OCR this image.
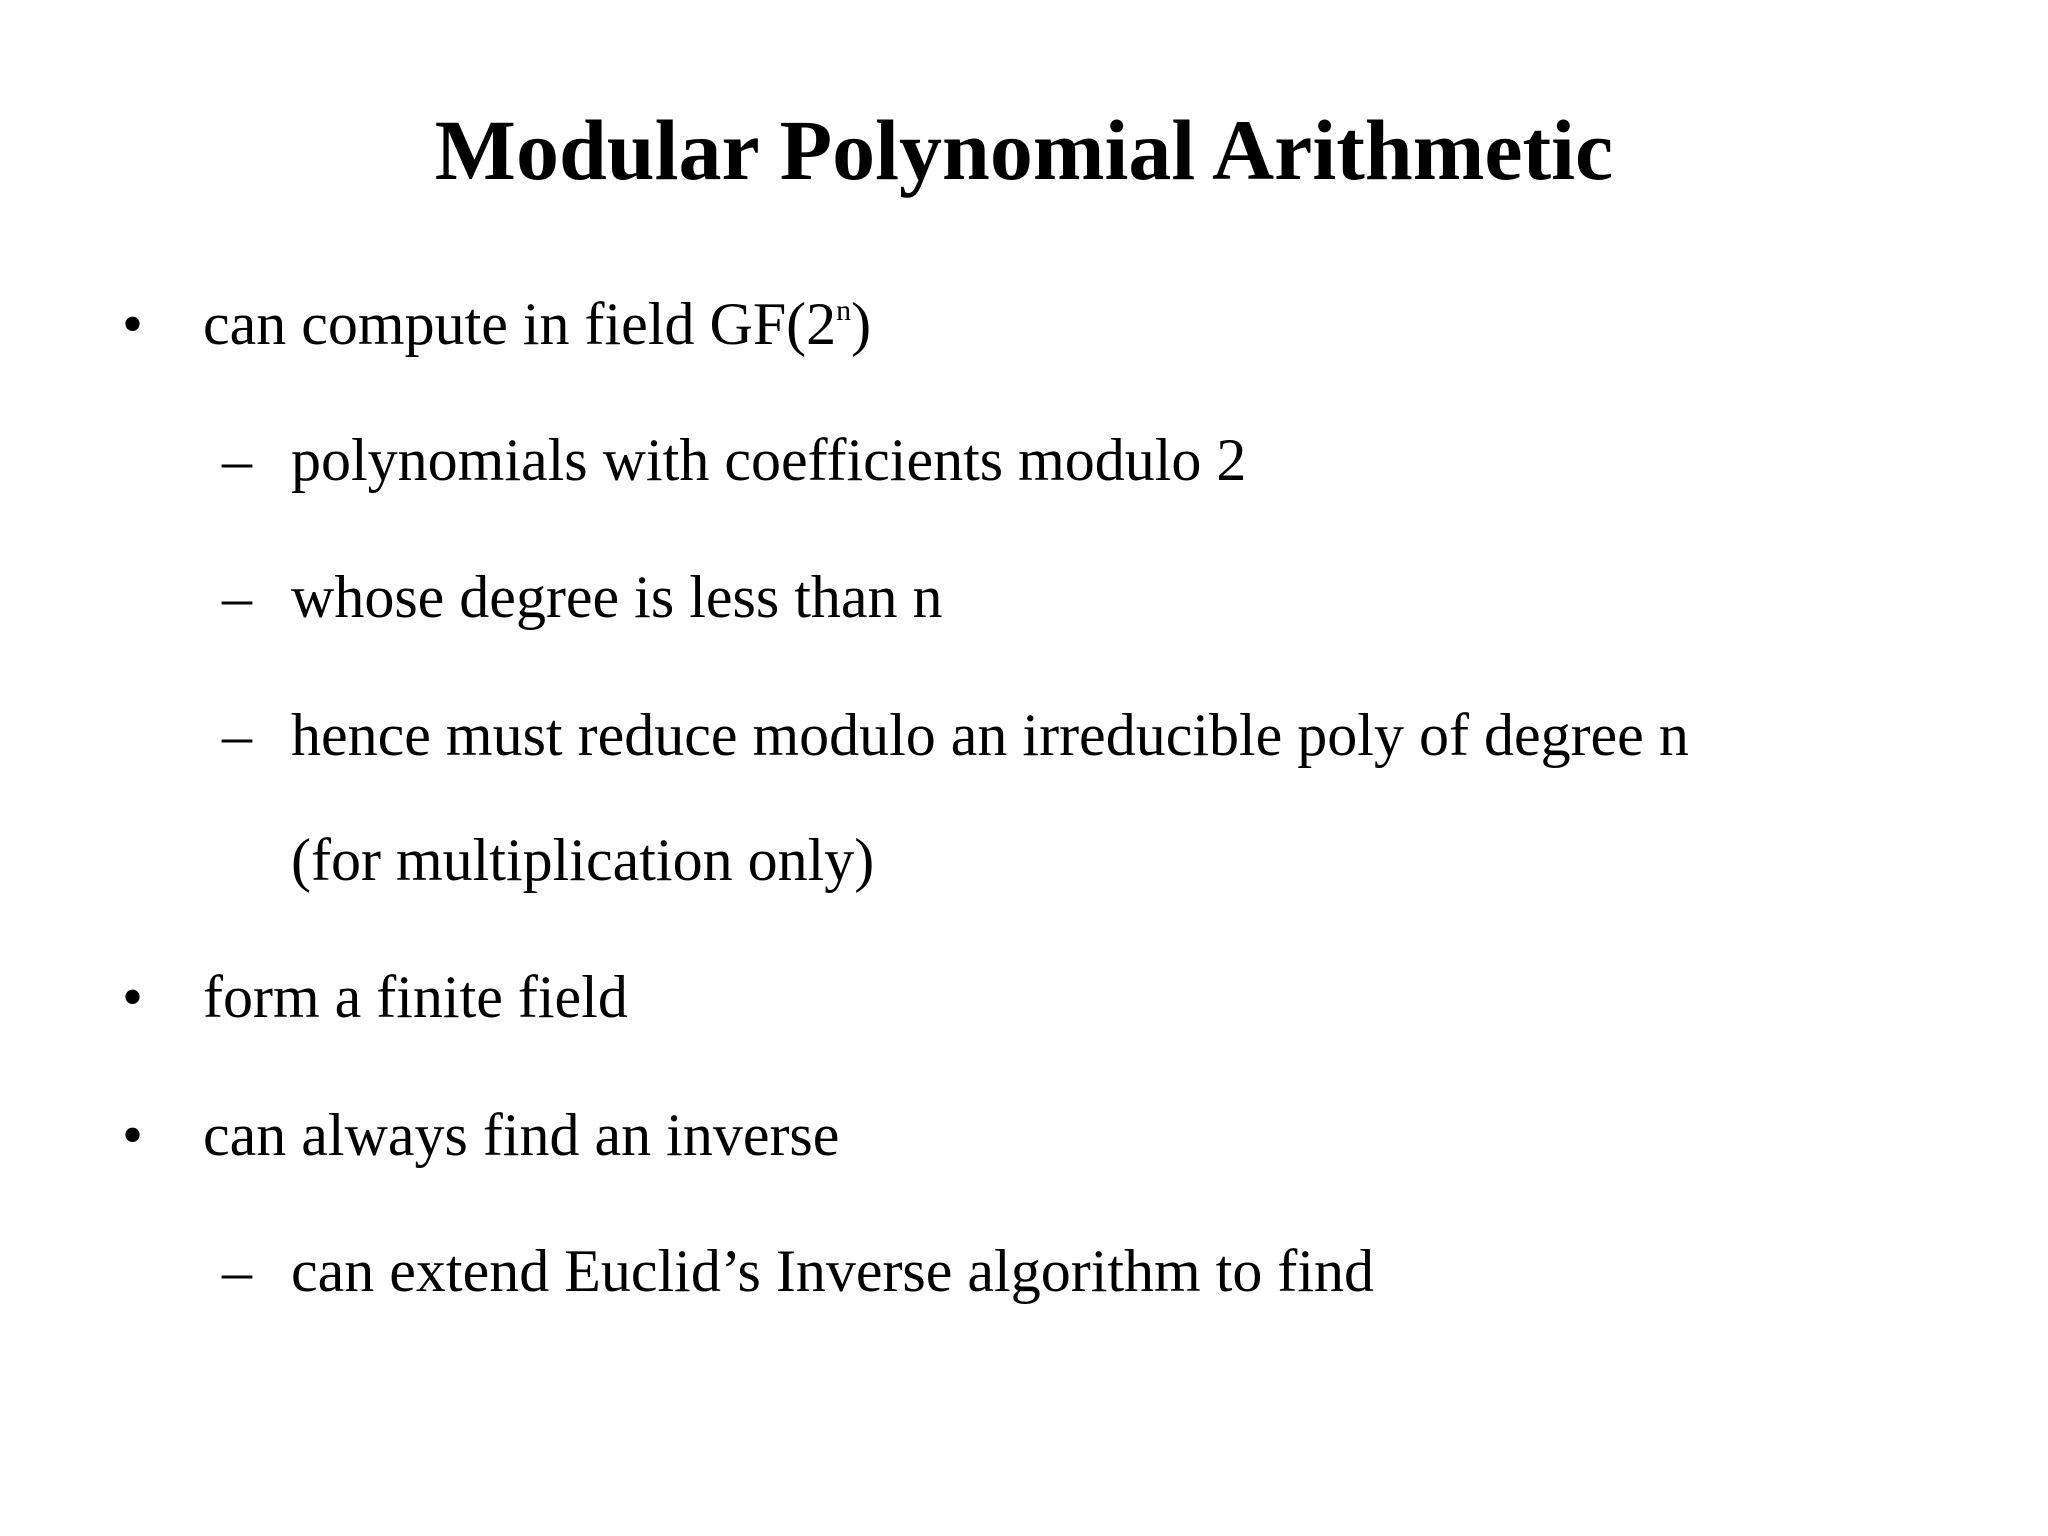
Modular Polynomial Arithmetic
• can compute in field GF(2$^n$)
– polynomials with coefficients modulo 2
– whose degree is less than n
– hence must reduce modulo an irreducible poly of degree n
(for multiplication only)
• form a finite field
• can always find an inverse
– can extend Euclid’s Inverse algorithm to find
